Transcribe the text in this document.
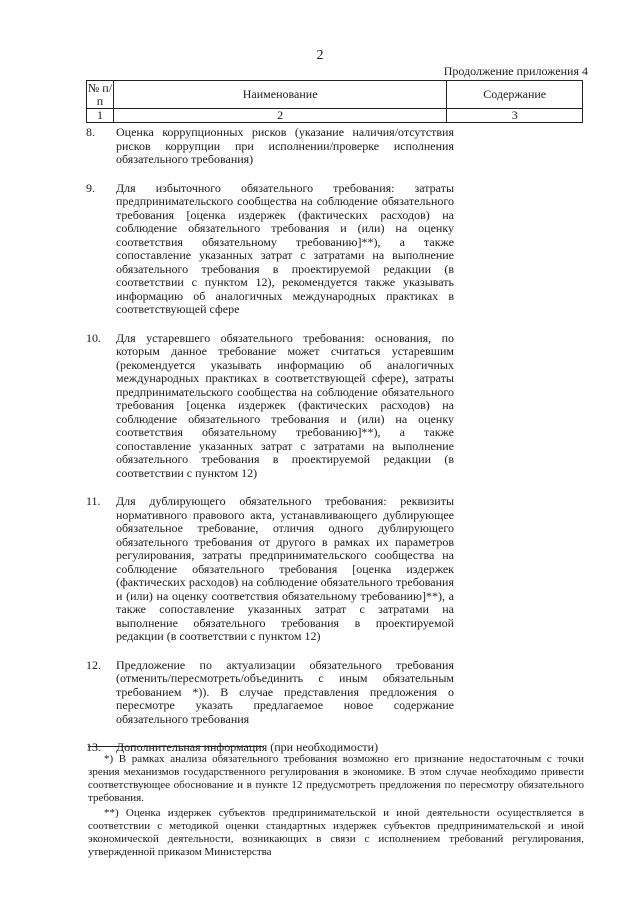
2
Продолжение приложения 4
№ п/п	Наименование	Содержание
1	2	3
8.	Оценка коррупционных рисков (указание наличия/отсутствия рисков коррупции при исполнении/проверке исполнения обязательного требования)
9.	Для избыточного обязательного требования: затраты предпринимательского сообщества на соблюдение обязательного требования [оценка издержек (фактических расходов) на соблюдение обязательного требования и (или) на оценку соответствия обязательному требованию]**), а также сопоставление указанных затрат с затратами на выполнение обязательного требования в проектируемой редакции (в соответствии с пунктом 12), рекомендуется также указывать информацию об аналогичных международных практиках в соответствующей сфере
10.	Для устаревшего обязательного требования: основания, по которым данное требование может считаться устаревшим (рекомендуется указывать информацию об аналогичных международных практиках в соответствующей сфере), затраты предпринимательского сообщества на соблюдение обязательного требования [оценка издержек (фактических расходов) на соблюдение обязательного требования и (или) на оценку соответствия обязательному требованию]**), а также сопоставление указанных затрат с затратами на выполнение обязательного требования в проектируемой редакции (в соответствии с пунктом 12)
11.	Для дублирующего обязательного требования: реквизиты нормативного правового акта, устанавливающего дублирующее обязательное требование, отличия одного дублирующего обязательного требования от другого в рамках их параметров регулирования, затраты предпринимательского сообщества на соблюдение обязательного требования [оценка издержек (фактических расходов) на соблюдение обязательного требования и (или) на оценку соответствия обязательному требованию]**), а также сопоставление указанных затрат с затратами на выполнение обязательного требования в проектируемой редакции (в соответствии с пунктом 12)
12.	Предложение по актуализации обязательного требования (отменить/пересмотреть/объединить с иным обязательным требованием *)). В случае представления предложения о пересмотре указать предлагаемое новое содержание обязательного требования
13.	Дополнительная информация (при необходимости)

*) В рамках анализа обязательного требования возможно его признание недостаточным с точки зрения механизмов государственного регулирования в экономике. В этом случае необходимо привести соответствующее обоснование и в пункте 12 предусмотреть предложения по пересмотру обязательного требования.

**) Оценка издержек субъектов предпринимательской и иной деятельности осуществляется в соответствии с методикой оценки стандартных издержек субъектов предпринимательской и иной экономической деятельности, возникающих в связи с исполнением требований регулирования, утвержденной приказом Министерства
